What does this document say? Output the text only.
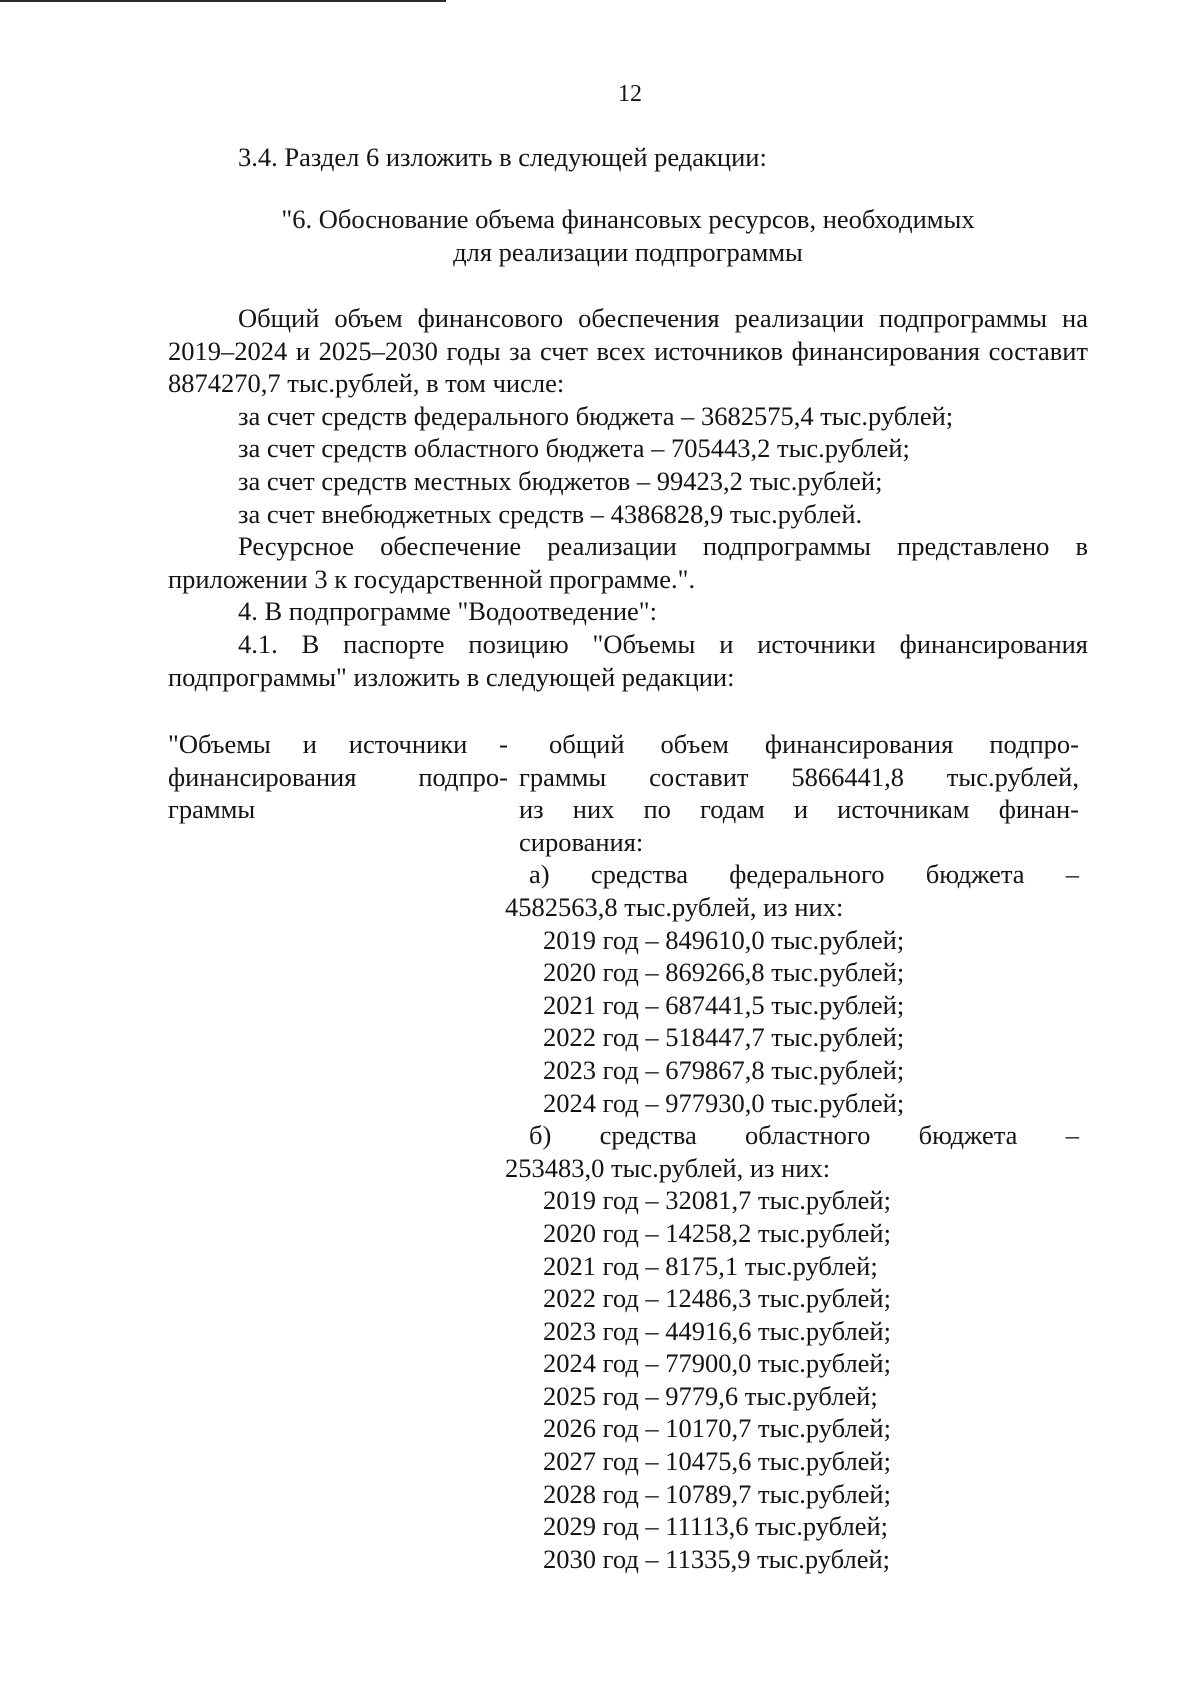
12

3.4. Раздел 6 изложить в следующей редакции:

"6. Обоснование объема финансовых ресурсов, необходимых
для реализации подпрограммы

Общий объем финансового обеспечения реализации подпрограммы на 2019–2024 и 2025–2030 годы за счет всех источников финансирования составит 8874270,7 тыс.рублей, в том числе:

за счет средств федерального бюджета – 3682575,4 тыс.рублей;

за счет средств областного бюджета – 705443,2 тыс.рублей;

за счет средств местных бюджетов – 99423,2 тыс.рублей;

за счет внебюджетных средств – 4386828,9 тыс.рублей.

Ресурсное обеспечение реализации подпрограммы представлено в приложении 3 к государственной программе.".

4. В подпрограмме "Водоотведение":

4.1. В паспорте позицию "Объемы и источники финансирования подпрограммы" изложить в следующей редакции:

"Объемы и источники -
финансирования подпро-
граммы
общий объем финансирования подпро-
граммы составит 5866441,8 тыс.рублей,
из них по годам и источникам финан-
сирования:
а) средства федерального бюджета –
4582563,8 тыс.рублей, из них:
2019 год – 849610,0 тыс.рублей;
2020 год – 869266,8 тыс.рублей;
2021 год – 687441,5 тыс.рублей;
2022 год – 518447,7 тыс.рублей;
2023 год – 679867,8 тыс.рублей;
2024 год – 977930,0 тыс.рублей;
б) средства областного бюджета –
253483,0 тыс.рублей, из них:
2019 год – 32081,7 тыс.рублей;
2020 год – 14258,2 тыс.рублей;
2021 год – 8175,1 тыс.рублей;
2022 год – 12486,3 тыс.рублей;
2023 год – 44916,6 тыс.рублей;
2024 год – 77900,0 тыс.рублей;
2025 год – 9779,6 тыс.рублей;
2026 год – 10170,7 тыс.рублей;
2027 год – 10475,6 тыс.рублей;
2028 год – 10789,7 тыс.рублей;
2029 год – 11113,6 тыс.рублей;
2030 год – 11335,9 тыс.рублей;
